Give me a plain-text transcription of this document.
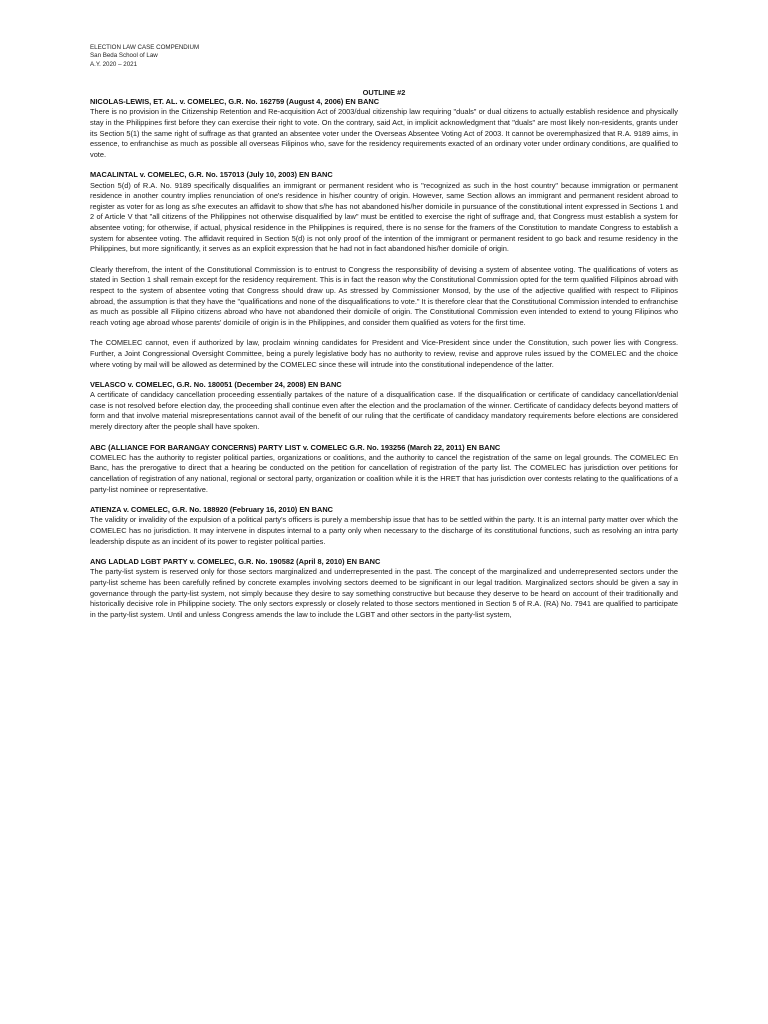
ELECTION LAW CASE COMPENDIUM
San Beda School of Law
A.Y. 2020 – 2021
OUTLINE #2
NICOLAS-LEWIS, ET. AL. v. COMELEC, G.R. No. 162759 (August 4, 2006) EN BANC

There is no provision in the Citizenship Retention and Re-acquisition Act of 2003/dual citizenship law requiring "duals" or dual citizens to actually establish residence and physically stay in the Philippines first before they can exercise their right to vote. On the contrary, said Act, in implicit acknowledgment that "duals" are most likely non-residents, grants under its Section 5(1) the same right of suffrage as that granted an absentee voter under the Overseas Absentee Voting Act of 2003. It cannot be overemphasized that R.A. 9189 aims, in essence, to enfranchise as much as possible all overseas Filipinos who, save for the residency requirements exacted of an ordinary voter under ordinary conditions, are qualified to vote.

MACALINTAL v. COMELEC, G.R. No. 157013 (July 10, 2003) EN BANC

Section 5(d) of R.A. No. 9189 specifically disqualifies an immigrant or permanent resident who is "recognized as such in the host country" because immigration or permanent residence in another country implies renunciation of one's residence in his/her country of origin. However, same Section allows an immigrant and permanent resident abroad to register as voter for as long as s/he executes an affidavit to show that s/he has not abandoned his/her domicile in pursuance of the constitutional intent expressed in Sections 1 and 2 of Article V that "all citizens of the Philippines not otherwise disqualified by law" must be entitled to exercise the right of suffrage and, that Congress must establish a system for absentee voting; for otherwise, if actual, physical residence in the Philippines is required, there is no sense for the framers of the Constitution to mandate Congress to establish a system for absentee voting. The affidavit required in Section 5(d) is not only proof of the intention of the immigrant or permanent resident to go back and resume residency in the Philippines, but more significantly, it serves as an explicit expression that he had not in fact abandoned his/her domicile of origin.

Clearly therefrom, the intent of the Constitutional Commission is to entrust to Congress the responsibility of devising a system of absentee voting. The qualifications of voters as stated in Section 1 shall remain except for the residency requirement. This is in fact the reason why the Constitutional Commission opted for the term qualified Filipinos abroad with respect to the system of absentee voting that Congress should draw up. As stressed by Commissioner Monsod, by the use of the adjective qualified with respect to Filipinos abroad, the assumption is that they have the "qualifications and none of the disqualifications to vote." It is therefore clear that the Constitutional Commission intended to enfranchise as much as possible all Filipino citizens abroad who have not abandoned their domicile of origin. The Constitutional Commission even intended to extend to young Filipinos who reach voting age abroad whose parents' domicile of origin is in the Philippines, and consider them qualified as voters for the first time.

The COMELEC cannot, even if authorized by law, proclaim winning candidates for President and Vice-President since under the Constitution, such power lies with Congress. Further, a Joint Congressional Oversight Committee, being a purely legislative body has no authority to review, revise and approve rules issued by the COMELEC and the choice where voting by mail will be allowed as determined by the COMELEC since these will intrude into the constitutional independence of the latter.

VELASCO v. COMELEC, G.R. No. 180051 (December 24, 2008) EN BANC

A certificate of candidacy cancellation proceeding essentially partakes of the nature of a disqualification case. If the disqualification or certificate of candidacy cancellation/denial case is not resolved before election day, the proceeding shall continue even after the election and the proclamation of the winner. Certificate of candidacy defects beyond matters of form and that involve material misrepresentations cannot avail of the benefit of our ruling that the certificate of candidacy mandatory requirements before elections are considered merely directory after the people shall have spoken.

ABC (ALLIANCE FOR BARANGAY CONCERNS) PARTY LIST v. COMELEC G.R. No. 193256 (March 22, 2011) EN BANC

COMELEC has the authority to register political parties, organizations or coalitions, and the authority to cancel the registration of the same on legal grounds. The COMELEC En Banc, has the prerogative to direct that a hearing be conducted on the petition for cancellation of registration of the party list. The COMELEC has jurisdiction over petitions for cancellation of registration of any national, regional or sectoral party, organization or coalition while it is the HRET that has jurisdiction over contests relating to the qualifications of a party-list nominee or representative.

ATIENZA v. COMELEC, G.R. No. 188920 (February 16, 2010) EN BANC

The validity or invalidity of the expulsion of a political party's officers is purely a membership issue that has to be settled within the party. It is an internal party matter over which the COMELEC has no jurisdiction. It may intervene in disputes internal to a party only when necessary to the discharge of its constitutional functions, such as resolving an intra party leadership dispute as an incident of its power to register political parties.

ANG LADLAD LGBT PARTY v. COMELEC, G.R. No. 190582 (April 8, 2010) EN BANC

The party-list system is reserved only for those sectors marginalized and underrepresented in the past. The concept of the marginalized and underrepresented sectors under the party-list scheme has been carefully refined by concrete examples involving sectors deemed to be significant in our legal tradition. Marginalized sectors should be given a say in governance through the party-list system, not simply because they desire to say something constructive but because they deserve to be heard on account of their traditionally and historically decisive role in Philippine society. The only sectors expressly or closely related to those sectors mentioned in Section 5 of R.A. (RA) No. 7941 are qualified to participate in the party-list system. Until and unless Congress amends the law to include the LGBT and other sectors in the party-list system,
